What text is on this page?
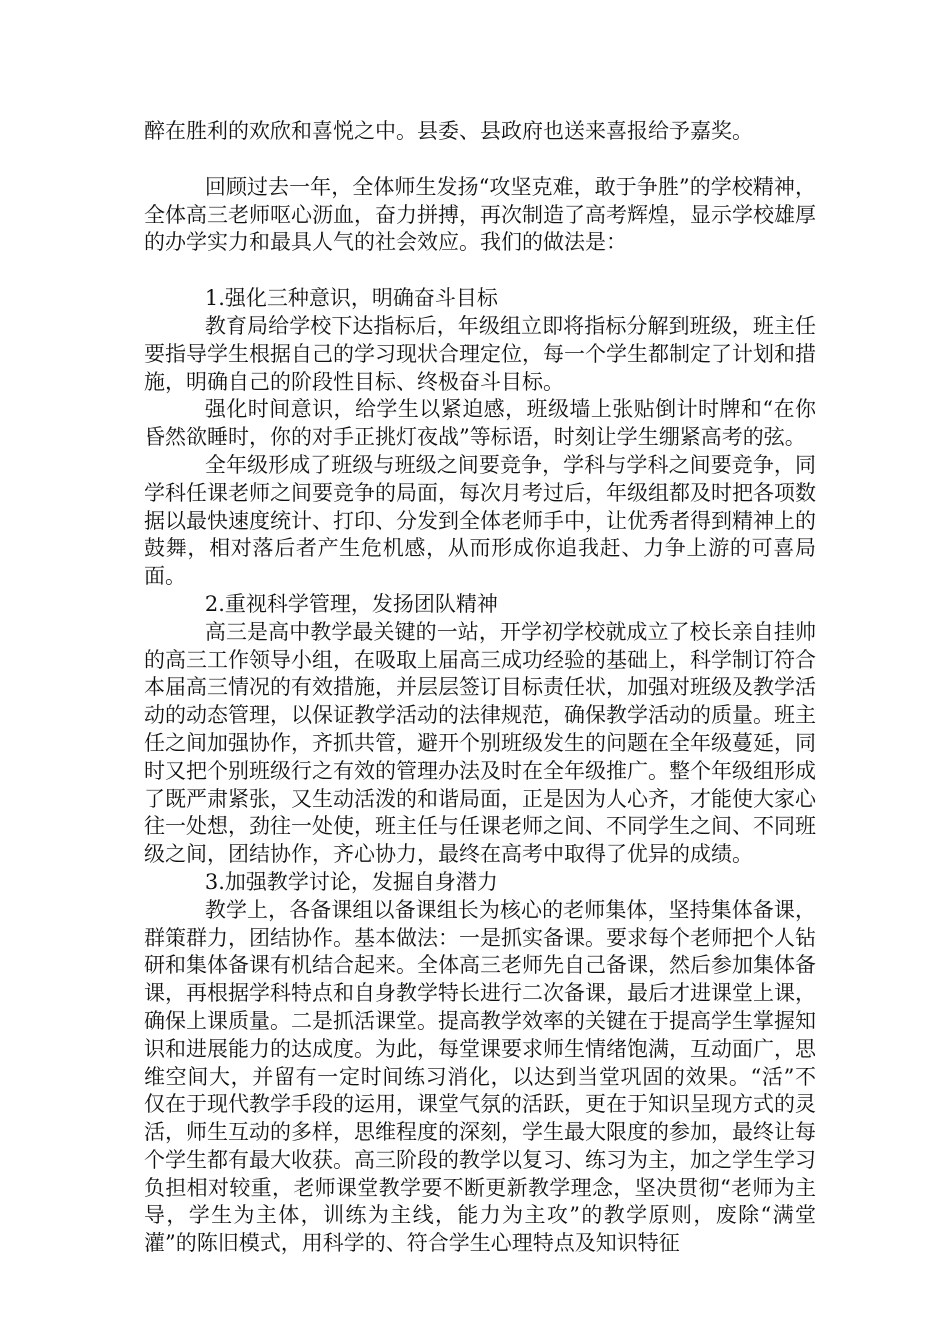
醉在胜利的欢欣和喜悦之中。县委、县政府也送来喜报给予嘉奖。

回顾过去一年，全体师生发扬“攻坚克难，敢于争胜”的学校精神，全体高三老师呕心沥血，奋力拼搏，再次制造了高考辉煌，显示学校雄厚的办学实力和最具人气的社会效应。我们的做法是：

1.强化三种意识，明确奋斗目标

教育局给学校下达指标后，年级组立即将指标分解到班级，班主任要指导学生根据自己的学习现状合理定位，每一个学生都制定了计划和措施，明确自己的阶段性目标、终极奋斗目标。

强化时间意识，给学生以紧迫感，班级墙上张贴倒计时牌和“在你昏然欲睡时，你的对手正挑灯夜战”等标语，时刻让学生绷紧高考的弦。

全年级形成了班级与班级之间要竞争，学科与学科之间要竞争，同学科任课老师之间要竞争的局面，每次月考过后，年级组都及时把各项数据以最快速度统计、打印、分发到全体老师手中，让优秀者得到精神上的鼓舞，相对落后者产生危机感，从而形成你追我赶、力争上游的可喜局面。

2.重视科学管理，发扬团队精神

高三是高中教学最关键的一站，开学初学校就成立了校长亲自挂帅的高三工作领导小组，在吸取上届高三成功经验的基础上，科学制订符合本届高三情况的有效措施，并层层签订目标责任状，加强对班级及教学活动的动态管理，以保证教学活动的法律规范，确保教学活动的质量。班主任之间加强协作，齐抓共管，避开个别班级发生的问题在全年级蔓延，同时又把个别班级行之有效的管理办法及时在全年级推广。整个年级组形成了既严肃紧张，又生动活泼的和谐局面，正是因为人心齐，才能使大家心往一处想，劲往一处使，班主任与任课老师之间、不同学生之间、不同班级之间，团结协作，齐心协力，最终在高考中取得了优异的成绩。

3.加强教学讨论，发掘自身潜力

教学上，各备课组以备课组长为核心的老师集体，坚持集体备课，群策群力，团结协作。基本做法：一是抓实备课。要求每个老师把个人钻研和集体备课有机结合起来。全体高三老师先自己备课，然后参加集体备课，再根据学科特点和自身教学特长进行二次备课，最后才进课堂上课，确保上课质量。二是抓活课堂。提高教学效率的关键在于提高学生掌握知识和进展能力的达成度。为此，每堂课要求师生情绪饱满，互动面广，思维空间大，并留有一定时间练习消化，以达到当堂巩固的效果。“活”不仅在于现代教学手段的运用，课堂气氛的活跃，更在于知识呈现方式的灵活，师生互动的多样，思维程度的深刻，学生最大限度的参加，最终让每个学生都有最大收获。高三阶段的教学以复习、练习为主，加之学生学习负担相对较重，老师课堂教学要不断更新教学理念，坚决贯彻“老师为主导，学生为主体，训练为主线，能力为主攻”的教学原则，废除“满堂灌”的陈旧模式，用科学的、符合学生心理特点及知识特征
